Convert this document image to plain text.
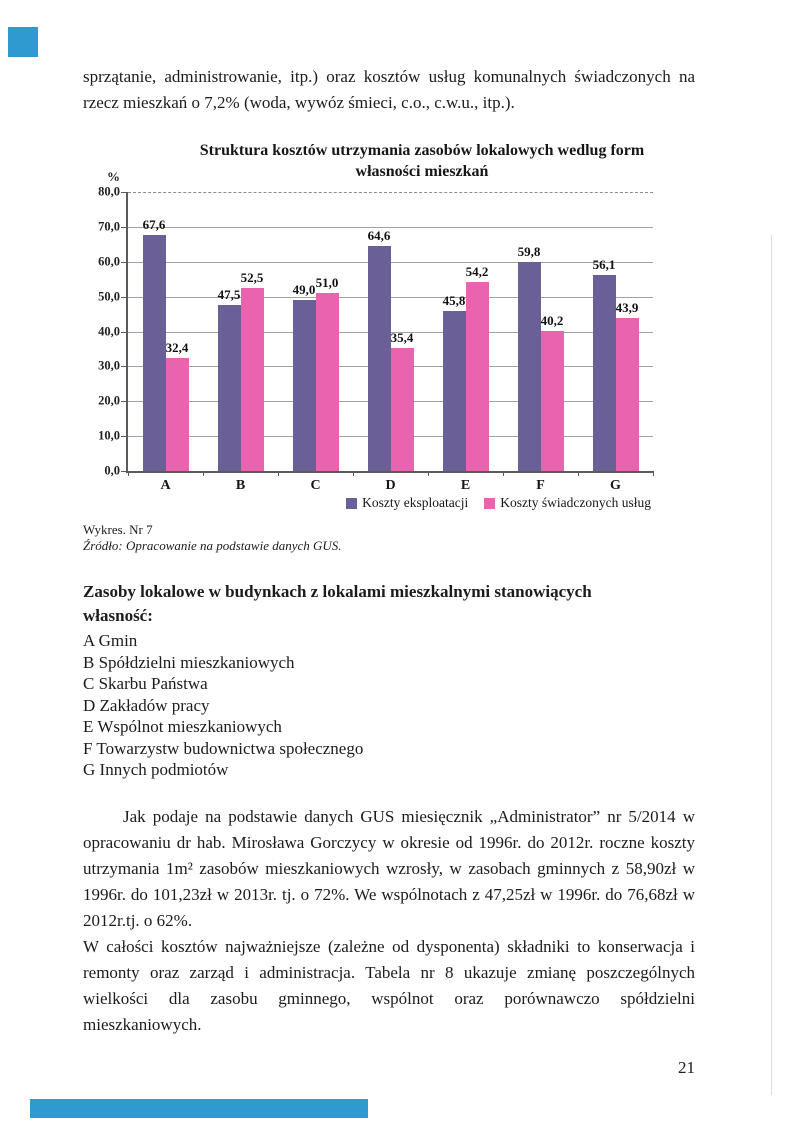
sprzątanie, administrowanie, itp.) oraz kosztów usług komunalnych świadczonych na rzecz mieszkań o 7,2% (woda, wywóz śmieci, c.o., c.w.u., itp.).

Struktura kosztów utrzymania zasobów lokalowych wedlug form
własności mieszkań
%
0,0
10,0
20,0
30,0
40,0
50,0
60,0
70,0
80,0
67,6
32,4
A
47,5
52,5
B
49,0 51,0
C
64,6
35,4
D
45,8
54,2
E
59,8
40,2
F
56,1
43,9
G
Koszty eksploatacji Koszty świadczonych usług
Wykres. Nr 7
Źródło: Opracowanie na podstawie danych GUS.

Zasoby lokalowe w budynkach z lokalami mieszkalnymi stanowiących własność:

A Gmin
B Spółdzielni mieszkaniowych
C Skarbu Państwa
D Zakładów pracy
E Wspólnot mieszkaniowych
F Towarzystw budownictwa społecznego
G Innych podmiotów

Jak podaje na podstawie danych GUS miesięcznik „Administrator” nr 5/2014 w opracowaniu dr hab. Mirosława Gorczycy w okresie od 1996r. do 2012r. roczne koszty utrzymania 1m² zasobów mieszkaniowych wzrosły, w zasobach gminnych z 58,90zł w 1996r. do 101,23zł w 2013r. tj. o 72%. We wspólnotach z 47,25zł w 1996r. do 76,68zł w 2012r.tj. o 62%.

W całości kosztów najważniejsze (zależne od dysponenta) składniki to konserwacja i remonty oraz zarząd i administracja. Tabela nr 8 ukazuje zmianę poszczególnych wielkości dla zasobu gminnego, wspólnot oraz porównawczo spółdzielni mieszkaniowych.

21
